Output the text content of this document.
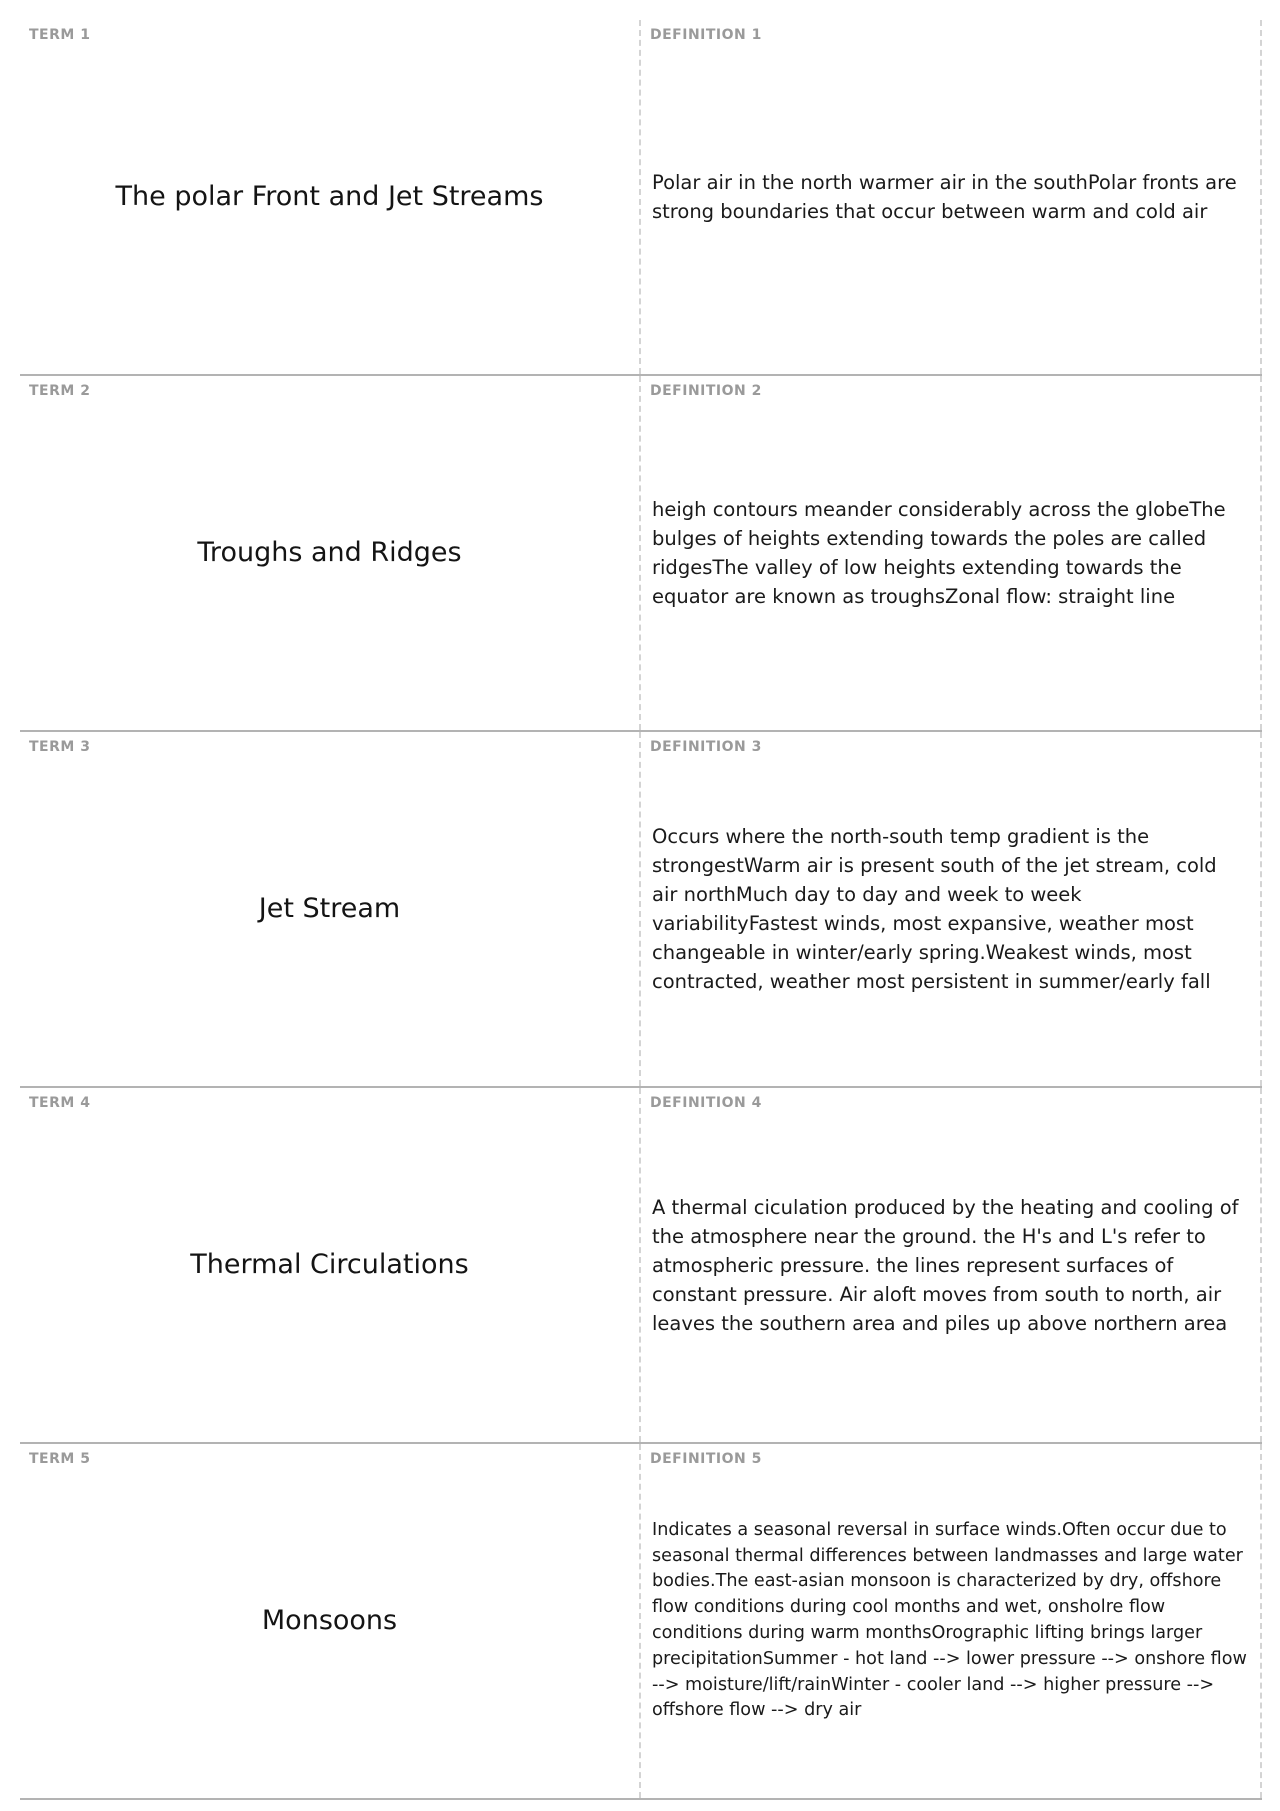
TERM 1

The polar Front and Jet Streams

DEFINITION 1

Polar air in the north warmer air in the southPolar fronts are strong boundaries that occur between warm and cold air

TERM 2

Troughs and Ridges

DEFINITION 2

heigh contours meander considerably across the globeThe bulges of heights extending towards the poles are called ridgesThe valley of low heights extending towards the equator are known as troughsZonal flow: straight line

TERM 3

Jet Stream

DEFINITION 3

Occurs where the north-south temp gradient is the strongestWarm air is present south of the jet stream, cold air northMuch day to day and week to week variabilityFastest winds, most expansive, weather most changeable in winter/early spring.Weakest winds, most contracted, weather most persistent in summer/early fall

TERM 4

Thermal Circulations

DEFINITION 4

A thermal ciculation produced by the heating and cooling of the atmosphere near the ground. the H's and L's refer to atmospheric pressure. the lines represent surfaces of constant pressure. Air aloft moves from south to north, air leaves the southern area and piles up above northern area

TERM 5

Monsoons

DEFINITION 5

Indicates a seasonal reversal in surface winds.Often occur due to seasonal thermal differences between landmasses and large water bodies.The east-asian monsoon is characterized by dry, offshore flow conditions during cool months and wet, onsholre flow conditions during warm monthsOrographic lifting brings larger precipitationSummer - hot land --> lower pressure --> onshore flow --> moisture/lift/rainWinter - cooler land --> higher pressure --> offshore flow --> dry air
